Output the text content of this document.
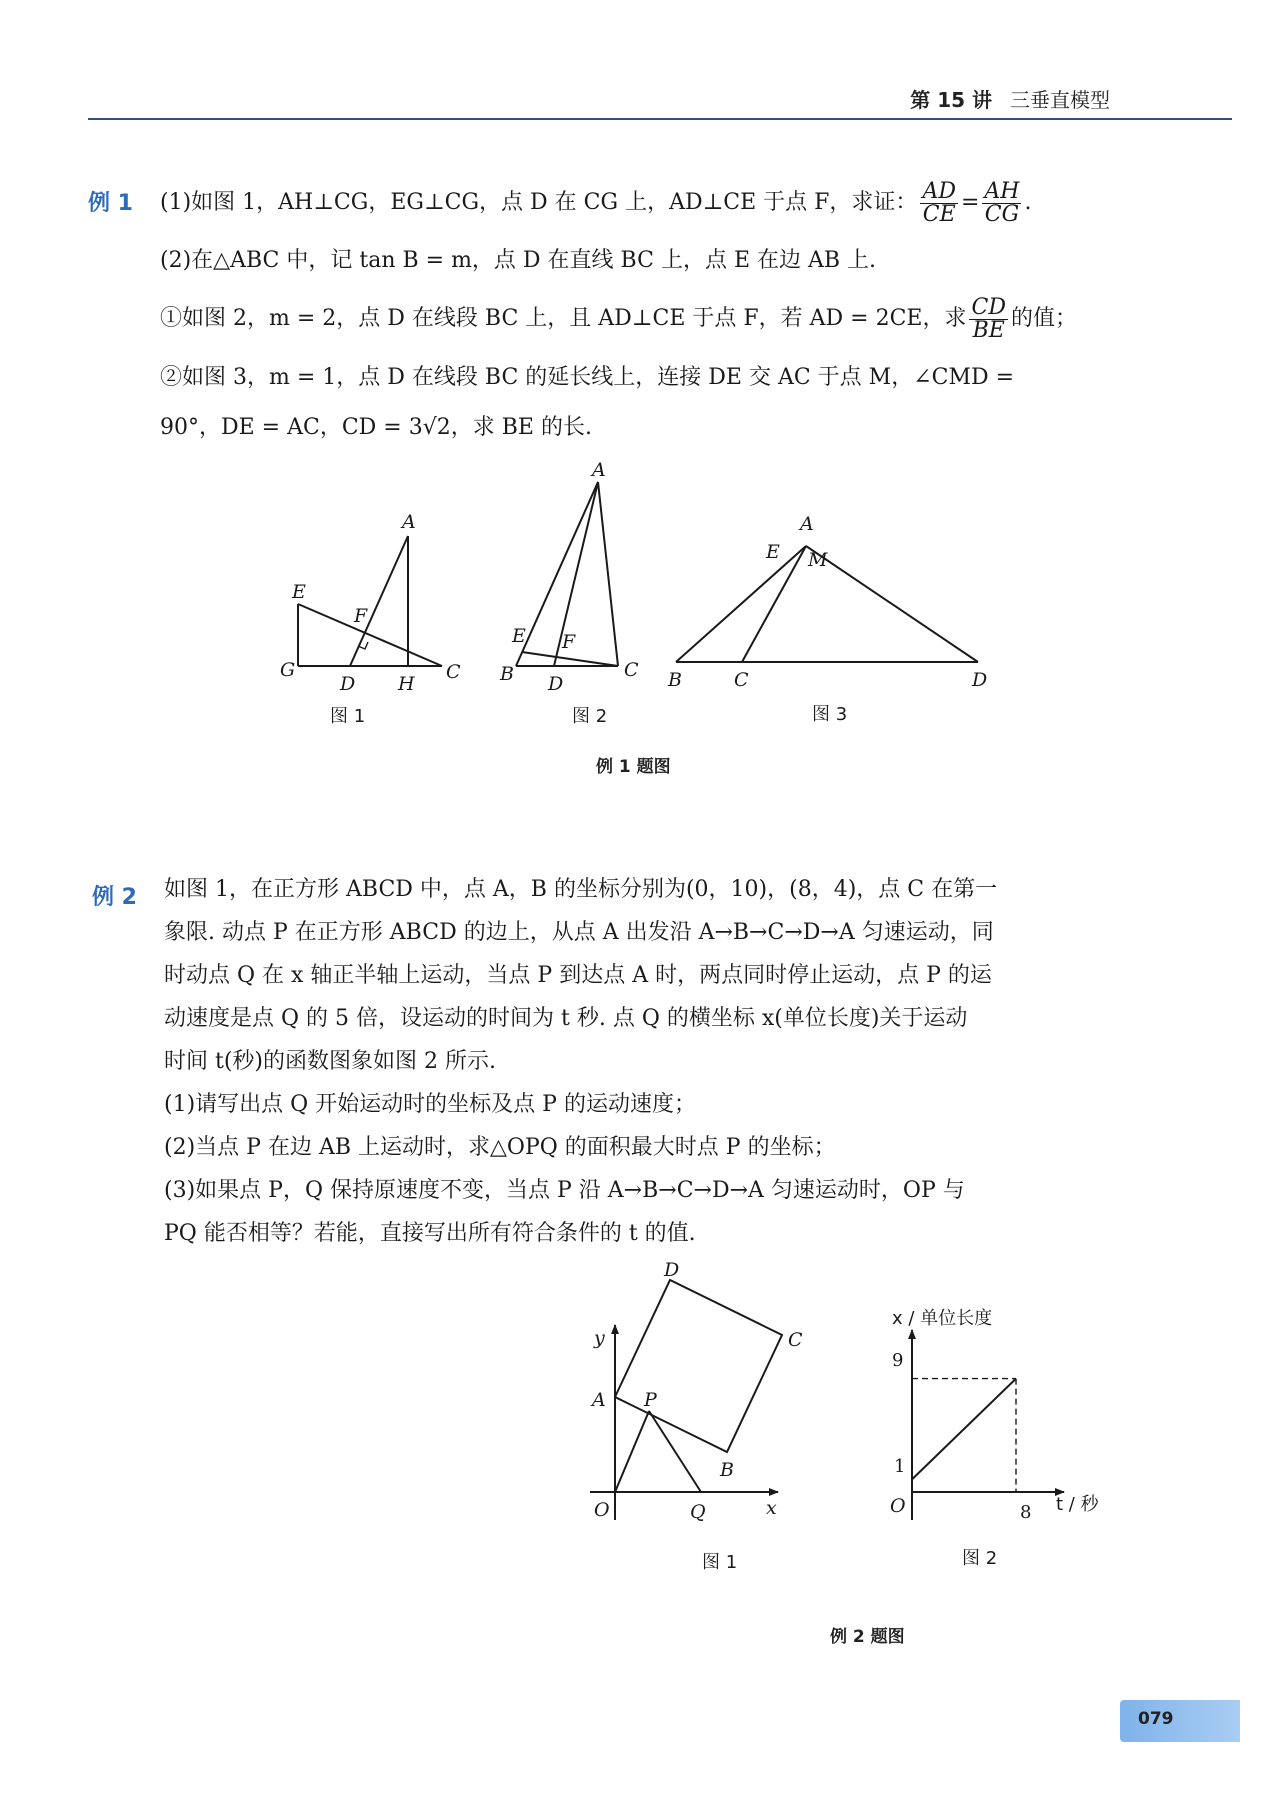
第 15 讲 三垂直模型
例 1 (1)如图 1，AH⊥CG，EG⊥CG，点 D 在 CG 上，AD⊥CE 于点 F，求证： $\frac{AD}{CE} = \frac{AH}{CG}$ .
(2)在△ABC 中，记 tan B = m，点 D 在直线 BC 上，点 E 在边 AB 上.
①如图 2，m = 2，点 D 在线段 BC 上，且 AD⊥CE 于点 F，若 AD = 2CE，求 $\frac{CD}{BE}$ 的值；
②如图 3，m = 1，点 D 在线段 BC 的延长线上，连接 DE 交 AC 于点 M，∠CMD =
90°，DE = AC，CD = 3√2，求 BE 的长.
A
E
F
G
D H
C
图 1
A
E F
B D
C
图 2
A
E M
B	C	D
图 3
例 1 题图
例 2 如图 1，在正方形 ABCD 中，点 A，B 的坐标分别为(0，10)，(8，4)，点 C 在第一
象限. 动点 P 在正方形 ABCD 的边上，从点 A 出发沿 A→B→C→D→A 匀速运动，同
时动点 Q 在 x 轴正半轴上运动，当点 P 到达点 A 时，两点同时停止运动，点 P 的运
动速度是点 Q 的 5 倍，设运动的时间为 t 秒. 点 Q 的横坐标 x(单位长度)关于运动
时间 t(秒)的函数图象如图 2 所示.
(1)请写出点 Q 开始运动时的坐标及点 P 的运动速度；
(2)当点 P 在边 AB 上运动时，求△OPQ 的面积最大时点 P 的坐标；
(3)如果点 P，Q 保持原速度不变，当点 P 沿 A→B→C→D→A 匀速运动时，OP 与
PQ 能否相等？若能，直接写出所有符合条件的 t 的值.
D
C
y
A P
B
O	Q	x
图 1
x / 单位长度
9
1
O	8 t / 秒
图 2
例 2 题图
079
